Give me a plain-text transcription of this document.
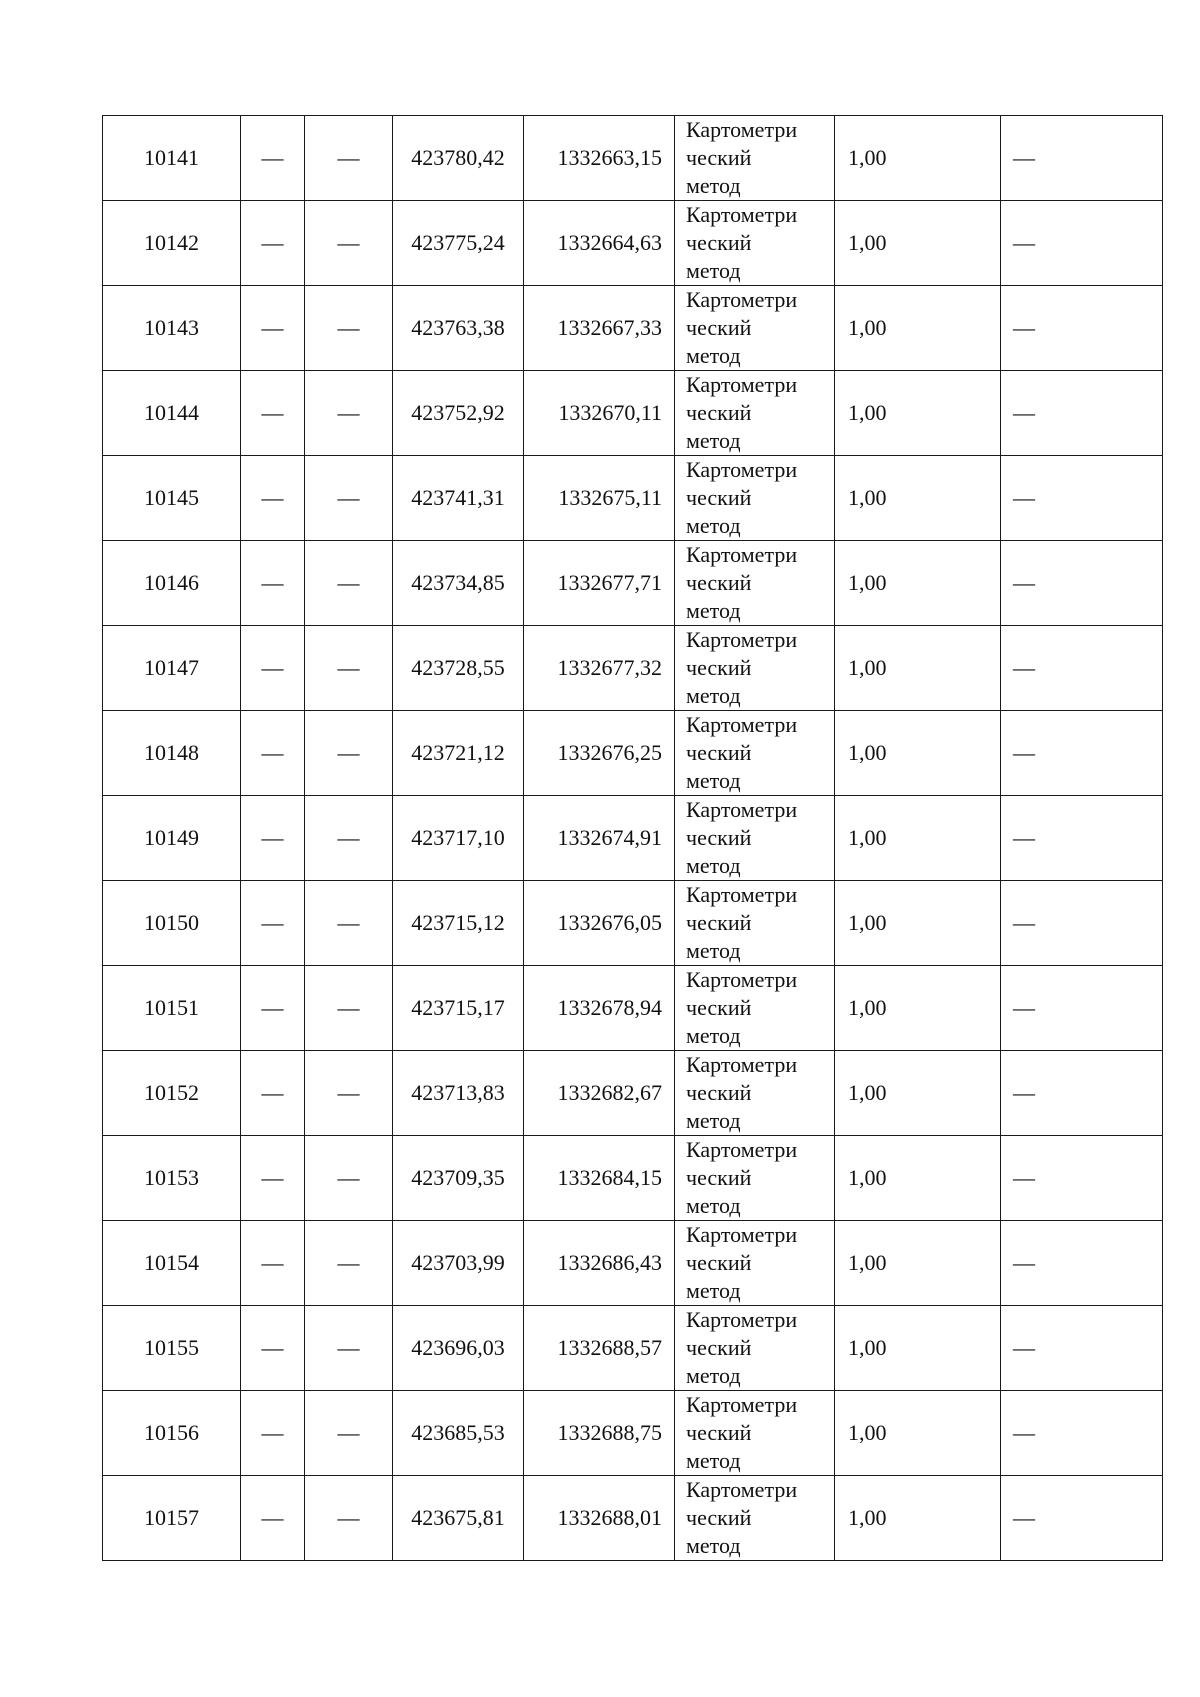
10141	—	—	423780,42	1332663,15	Картометри
ческий
метод	1,00	—
10142	—	—	423775,24	1332664,63	Картометри
ческий
метод	1,00	—
10143	—	—	423763,38	1332667,33	Картометри
ческий
метод	1,00	—
10144	—	—	423752,92	1332670,11	Картометри
ческий
метод	1,00	—
10145	—	—	423741,31	1332675,11	Картометри
ческий
метод	1,00	—
10146	—	—	423734,85	1332677,71	Картометри
ческий
метод	1,00	—
10147	—	—	423728,55	1332677,32	Картометри
ческий
метод	1,00	—
10148	—	—	423721,12	1332676,25	Картометри
ческий
метод	1,00	—
10149	—	—	423717,10	1332674,91	Картометри
ческий
метод	1,00	—
10150	—	—	423715,12	1332676,05	Картометри
ческий
метод	1,00	—
10151	—	—	423715,17	1332678,94	Картометри
ческий
метод	1,00	—
10152	—	—	423713,83	1332682,67	Картометри
ческий
метод	1,00	—
10153	—	—	423709,35	1332684,15	Картометри
ческий
метод	1,00	—
10154	—	—	423703,99	1332686,43	Картометри
ческий
метод	1,00	—
10155	—	—	423696,03	1332688,57	Картометри
ческий
метод	1,00	—
10156	—	—	423685,53	1332688,75	Картометри
ческий
метод	1,00	—
10157	—	—	423675,81	1332688,01	Картометри
ческий
метод	1,00	—
